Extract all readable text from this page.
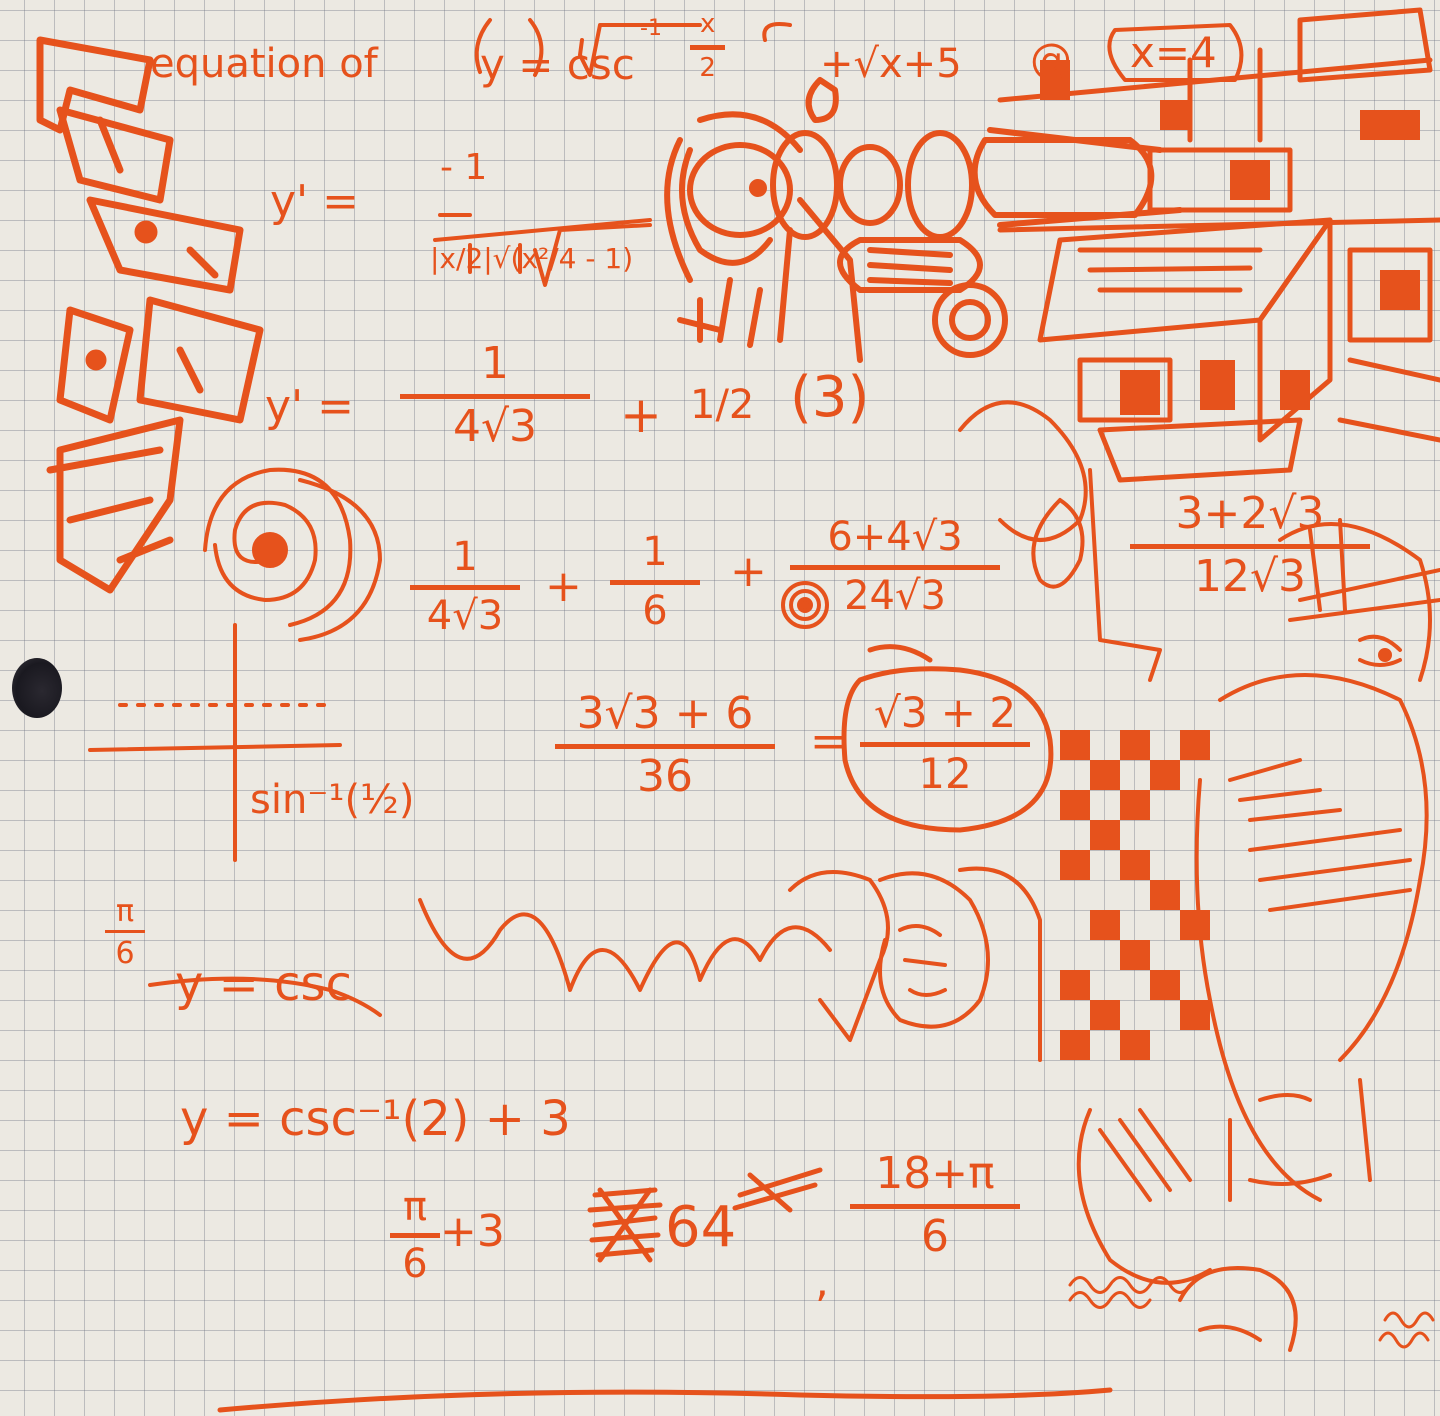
equation of y = csc
$-1 \frac{x}{2} +√x+5$ @ x=4
y' =
- 1
|x/2|√(x²/4 - 1)
$y' = \frac{1}{4√3} + 1/2$ (3)
$\frac{1}{4√3} + \frac{1}{6} + \frac{6+4√3}{24√3}$	$\frac{3+2√3}{12√3}$
$\frac{3√3 + 6}{36} = \frac{√3 + 2}{12}$
sin⁻¹(½)
$\frac{\pi}{6}$
y = csc
y = csc⁻¹(2) + 3
$\frac{\pi}{6} +3$	64
,
$\frac{18+\pi}{6}$
